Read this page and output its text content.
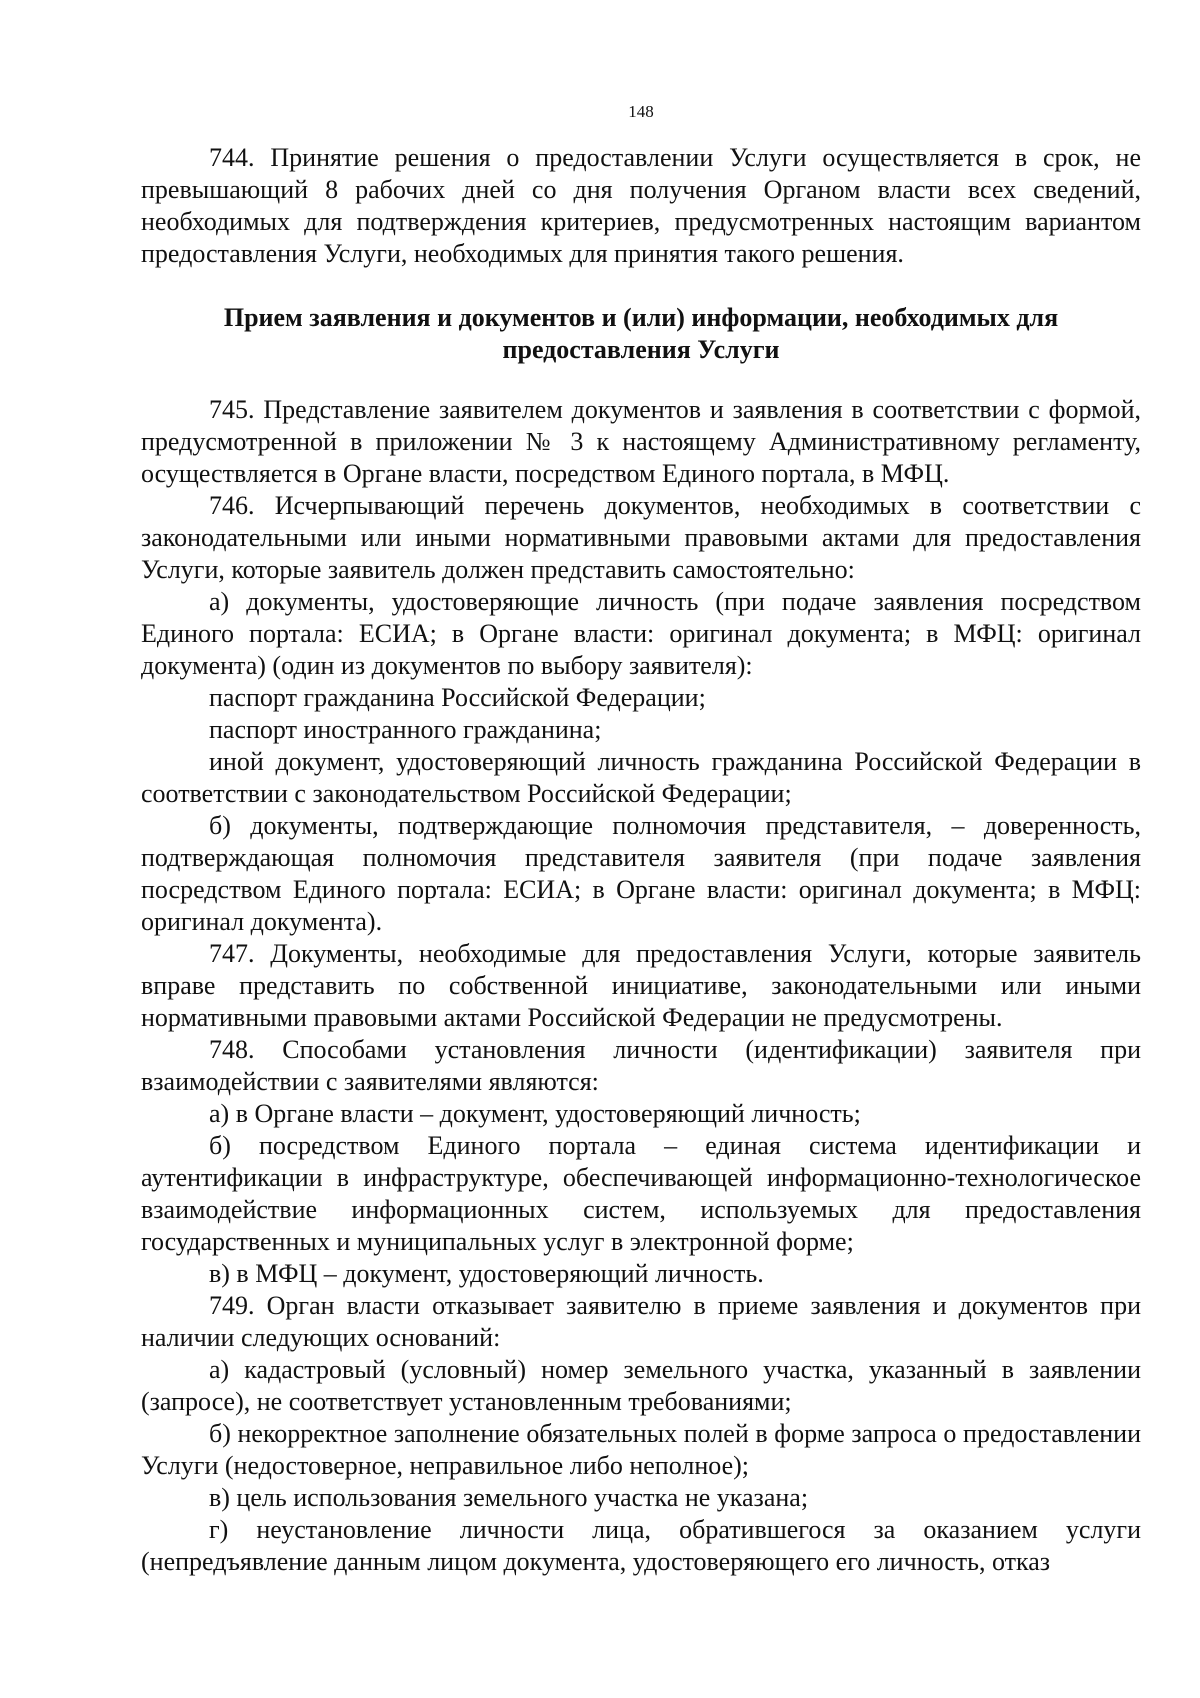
148

744. Принятие решения о предоставлении Услуги осуществляется в срок, не превышающий 8 рабочих дней со дня получения Органом власти всех сведений, необходимых для подтверждения критериев, предусмотренных настоящим вариантом предоставления Услуги, необходимых для принятия такого решения.

Прием заявления и документов и (или) информации, необходимых для предоставления Услуги

745. Представление заявителем документов и заявления в соответствии с формой, предусмотренной в приложении № 3 к настоящему Административному регламенту, осуществляется в Органе власти, посредством Единого портала, в МФЦ.

746. Исчерпывающий перечень документов, необходимых в соответствии с законодательными или иными нормативными правовыми актами для предоставления Услуги, которые заявитель должен представить самостоятельно:

а) документы, удостоверяющие личность (при подаче заявления посредством Единого портала: ЕСИА; в Органе власти: оригинал документа; в МФЦ: оригинал документа) (один из документов по выбору заявителя):

паспорт гражданина Российской Федерации;

паспорт иностранного гражданина;

иной документ, удостоверяющий личность гражданина Российской Федерации в соответствии с законодательством Российской Федерации;

б) документы, подтверждающие полномочия представителя, – доверенность, подтверждающая полномочия представителя заявителя (при подаче заявления посредством Единого портала: ЕСИА; в Органе власти: оригинал документа; в МФЦ: оригинал документа).

747. Документы, необходимые для предоставления Услуги, которые заявитель вправе представить по собственной инициативе, законодательными или иными нормативными правовыми актами Российской Федерации не предусмотрены.

748. Способами установления личности (идентификации) заявителя при взаимодействии с заявителями являются:

а) в Органе власти – документ, удостоверяющий личность;

б) посредством Единого портала – единая система идентификации и аутентификации в инфраструктуре, обеспечивающей информационно-технологическое взаимодействие информационных систем, используемых для предоставления государственных и муниципальных услуг в электронной форме;

в) в МФЦ – документ, удостоверяющий личность.

749. Орган власти отказывает заявителю в приеме заявления и документов при наличии следующих оснований:

а) кадастровый (условный) номер земельного участка, указанный в заявлении (запросе), не соответствует установленным требованиями;

б) некорректное заполнение обязательных полей в форме запроса о предоставлении Услуги (недостоверное, неправильное либо неполное);

в) цель использования земельного участка не указана;

г) неустановление личности лица, обратившегося за оказанием услуги (непредъявление данным лицом документа, удостоверяющего его личность, отказ
